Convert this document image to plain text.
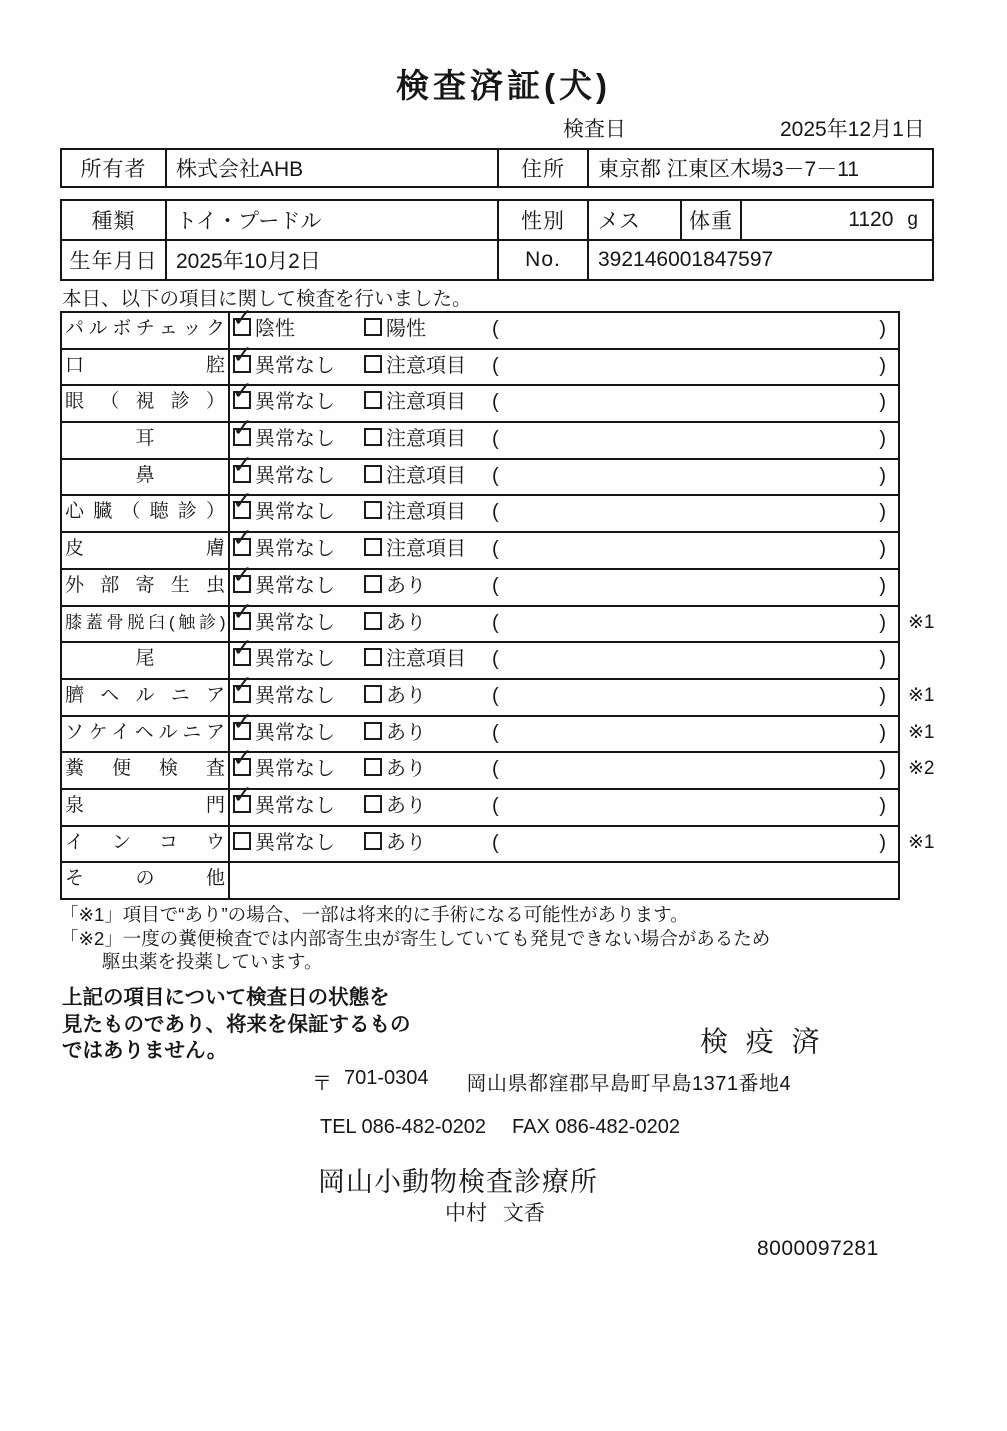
検査済証(犬)
検査日	2025年12月1日
所有者	株式会社AHB	住所	東京都 江東区木場3－7－11
種類	トイ・プードル	性別	メス	体重	1120 g
生年月日 2025年10月2日	No.	392146001847597
本日、以下の項目に関して検査を行いました。
パルボチェック ✓	陰性	陽性	(	)
口腔 ✓	異常なし	注意項目 (	)
眼（視診） ✓	異常なし	注意項目 (	)
耳 ✓	異常なし	注意項目 (	)
鼻 ✓	異常なし	注意項目 (	)
心臓（聴診） ✓	異常なし	注意項目 (	)
皮膚 ✓	異常なし	注意項目 (	)
外部寄生虫 ✓	異常なし	あり	(	)
膝蓋骨脱臼(触診) ✓	異常なし	あり	(	) ※1
尾 ✓	異常なし	注意項目 (	)
臍ヘルニア ✓	異常なし	あり	(	) ※1
ソケイヘルニア ✓	異常なし	あり	(	) ※1
糞便検査 ✓	異常なし	あり	(	) ※2
泉門 ✓	異常なし	あり	(	)
インコウ	異常なし	あり	(	) ※1
その他
「※1」項目で“あり”の場合、一部は将来的に手術になる可能性があります。
「※2」一度の糞便検査では内部寄生虫が寄生していても発見できない場合があるため
駆虫薬を投薬しています。
上記の項目について検査日の状態を
見たものであり、将来を保証するもの
ではありません。	検 疫 済
〒 701-0304 岡山県都窪郡早島町早島1371番地4
TEL 086-482-0202 FAX 086-482-0202
岡山小動物検査診療所
中村 文香
8000097281
